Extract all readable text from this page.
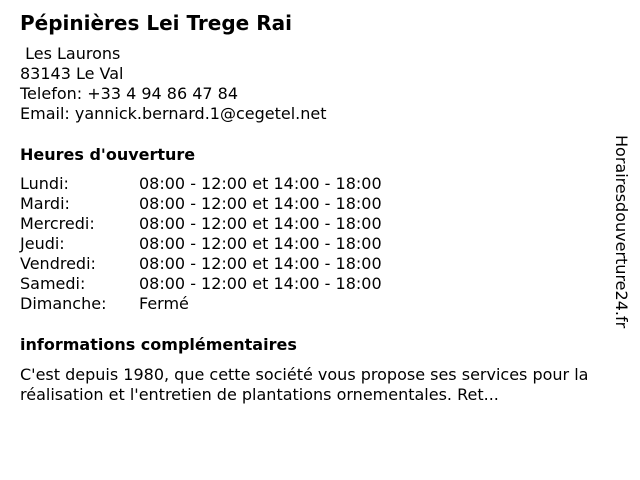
Pépinières Lei Trege Rai
Les Laurons
83143 Le Val
Telefon: +33 4 94 86 47 84
Email: yannick.bernard.1@cegetel.net
Heures d'ouverture
Lundi:	08:00 - 12:00 et 14:00 - 18:00
Mardi:	08:00 - 12:00 et 14:00 - 18:00
Mercredi:	08:00 - 12:00 et 14:00 - 18:00
Jeudi:	08:00 - 12:00 et 14:00 - 18:00
Vendredi:	08:00 - 12:00 et 14:00 - 18:00
Samedi:	08:00 - 12:00 et 14:00 - 18:00
Dimanche: Fermé
informations complémentaires
C'est depuis 1980, que cette société vous propose ses services pour la réalisation et l'entretien de plantations ornementales. Ret...
Horairesdouverture24.fr
